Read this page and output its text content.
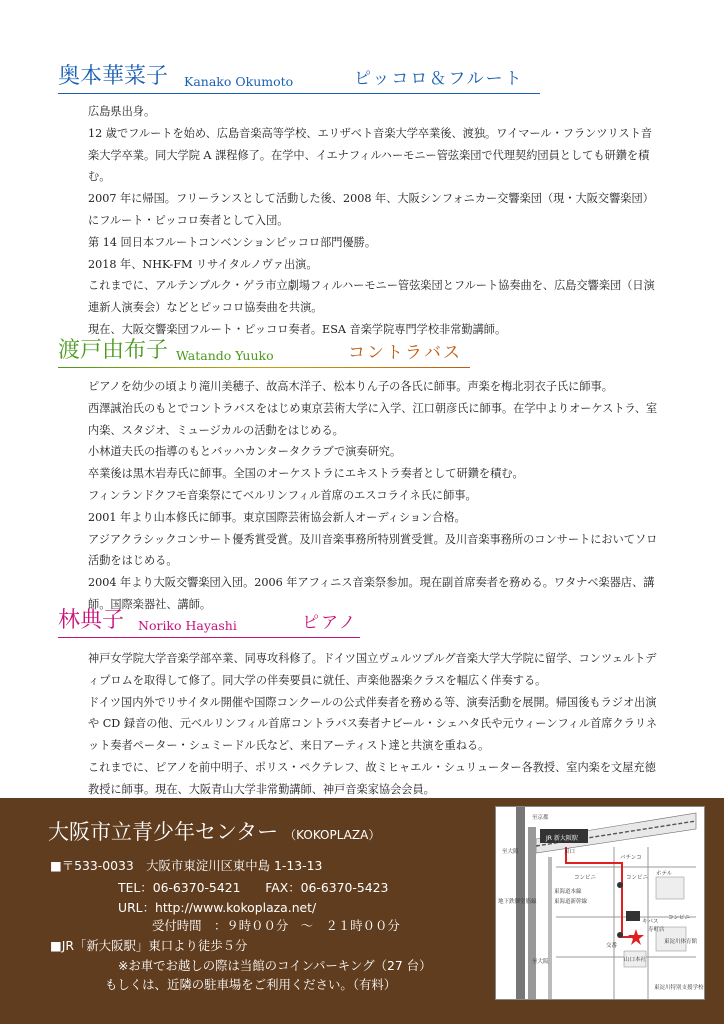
奥本華菜子 Kanako Okumoto	ピッコロ＆フルート

広島県出身。

12 歳でフルートを始め、広島音楽高等学校、エリザベト音楽大学卒業後、渡独。ワイマール・フランツリスト音楽大学卒業。同大学院 A 課程修了。在学中、イエナフィルハーモニー管弦楽団で代理契約団員としても研鑽を積む。

2007 年に帰国。フリーランスとして活動した後、2008 年、大阪シンフォニカー交響楽団（現・大阪交響楽団）にフルート・ピッコロ奏者として入団。

第 14 回日本フルートコンベンションピッコロ部門優勝。

2018 年、NHK-FM リサイタルノヴァ出演。

これまでに、アルテンブルク・ゲラ市立劇場フィルハーモニー管弦楽団とフルート協奏曲を、広島交響楽団（日演連新人演奏会）などとピッコロ協奏曲を共演。

現在、大阪交響楽団フルート・ピッコロ奏者。ESA 音楽学院専門学校非常勤講師。

渡戸由布子 Watando Yuuko	コントラバス

ピアノを幼少の頃より滝川美穂子、故高木洋子、松本りん子の各氏に師事。声楽を梅北羽衣子氏に師事。

西澤誠治氏のもとでコントラバスをはじめ東京芸術大学に入学、江口朝彦氏に師事。在学中よりオーケストラ、室内楽、スタジオ、ミュージカルの活動をはじめる。

小林道夫氏の指導のもとバッハカンタータクラブで演奏研究。

卒業後は黒木岩寿氏に師事。全国のオーケストラにエキストラ奏者として研鑽を積む。

フィンランドクフモ音楽祭にてベルリンフィル首席のエスコライネ氏に師事。

2001 年より山本修氏に師事。東京国際芸術協会新人オーディション合格。

アジアクラシックコンサート優秀賞受賞。及川音楽事務所特別賞受賞。及川音楽事務所のコンサートにおいてソロ活動をはじめる。

2004 年より大阪交響楽団入団。2006 年アフィニス音楽祭参加。現在副首席奏者を務める。ワタナベ楽器店、講師。国際楽器社、講師。

林典子 Noriko Hayashi	ピアノ

神戸女学院大学音楽学部卒業、同専攻科修了。ドイツ国立ヴュルツブルグ音楽大学大学院に留学、コンツェルトディプロムを取得して修了。同大学の伴奏要員に就任、声楽他器楽クラスを幅広く伴奏する。

ドイツ国内外でリサイタル開催や国際コンクールの公式伴奏者を務める等、演奏活動を展開。帰国後もラジオ出演や CD 録音の他、元ベルリンフィル首席コントラバス奏者ナビール・シェハタ氏や元ウィーンフィル首席クラリネット奏者ペーター・シュミードル氏など、来日アーティスト達と共演を重ねる。

これまでに、ピアノを前中明子、ポリス・ペクテレフ、故ミヒャエル・シュリューター各教授、室内楽を文屋充徳教授に師事。現在、大阪青山大学非常勤講師、神戸音楽家協会会員。

大阪市立青少年センター （KOKOPLAZA）
■〒533-0033　大阪市東淀川区東中島 1-13-13
TEL：06-6370-5421　　FAX：06-6370-5423
URL：http://www.kokoplaza.net/
受付時間　：９時００分　～　２１時００分
■JR「新大阪駅」東口より徒歩５分
※お車でお越しの際は当館のコインパーキング（27 台）
もしくは、近隣の駐車場をご利用ください。（有料）
JR 新大阪駅
東口
至京都
至大阪
地下鉄御堂筋線
東海道本線
東海道新幹線
パチンコ
コンビニ	コンビニ
ホテル
キバス
寿町店
コンビニ
交番
山口本社
東淀川体育館
東淀川特別支援学校
至大阪
